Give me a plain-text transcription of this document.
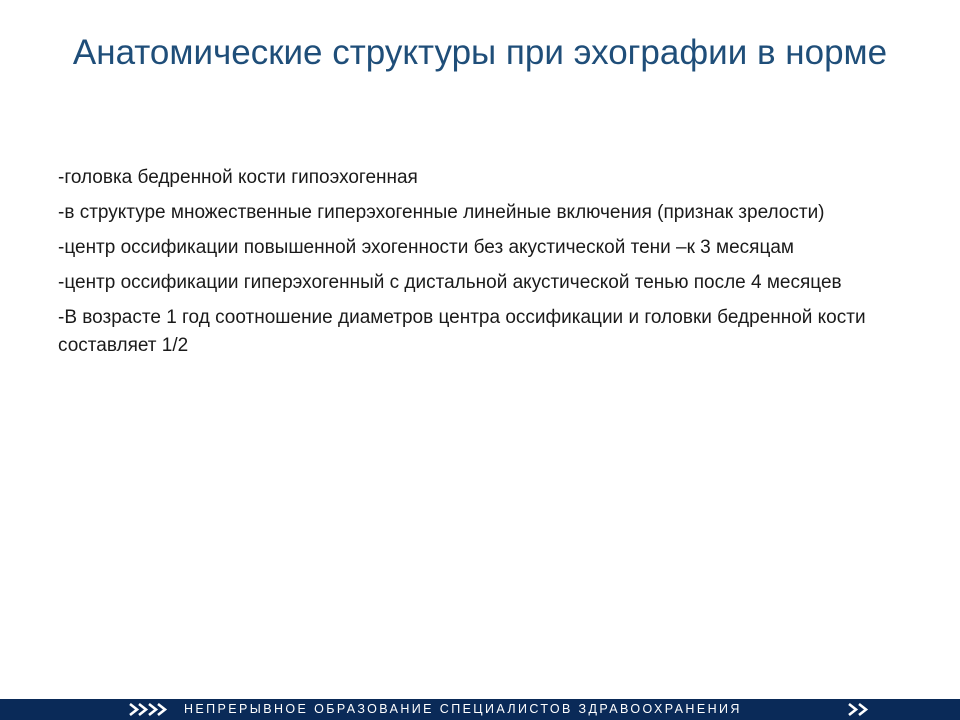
Анатомические структуры при эхографии в норме
-головка бедренной кости гипоэхогенная
-в структуре множественные гиперэхогенные линейные включения (признак зрелости)
-центр оссификации повышенной эхогенности без акустической тени –к 3 месяцам
-центр оссификации гиперэхогенный с дистальной акустической тенью после 4 месяцев
-В возрасте 1 год соотношение диаметров центра оссификации и головки бедренной кости составляет 1/2
НЕПРЕРЫВНОЕ ОБРАЗОВАНИЕ СПЕЦИАЛИСТОВ ЗДРАВООХРАНЕНИЯ
